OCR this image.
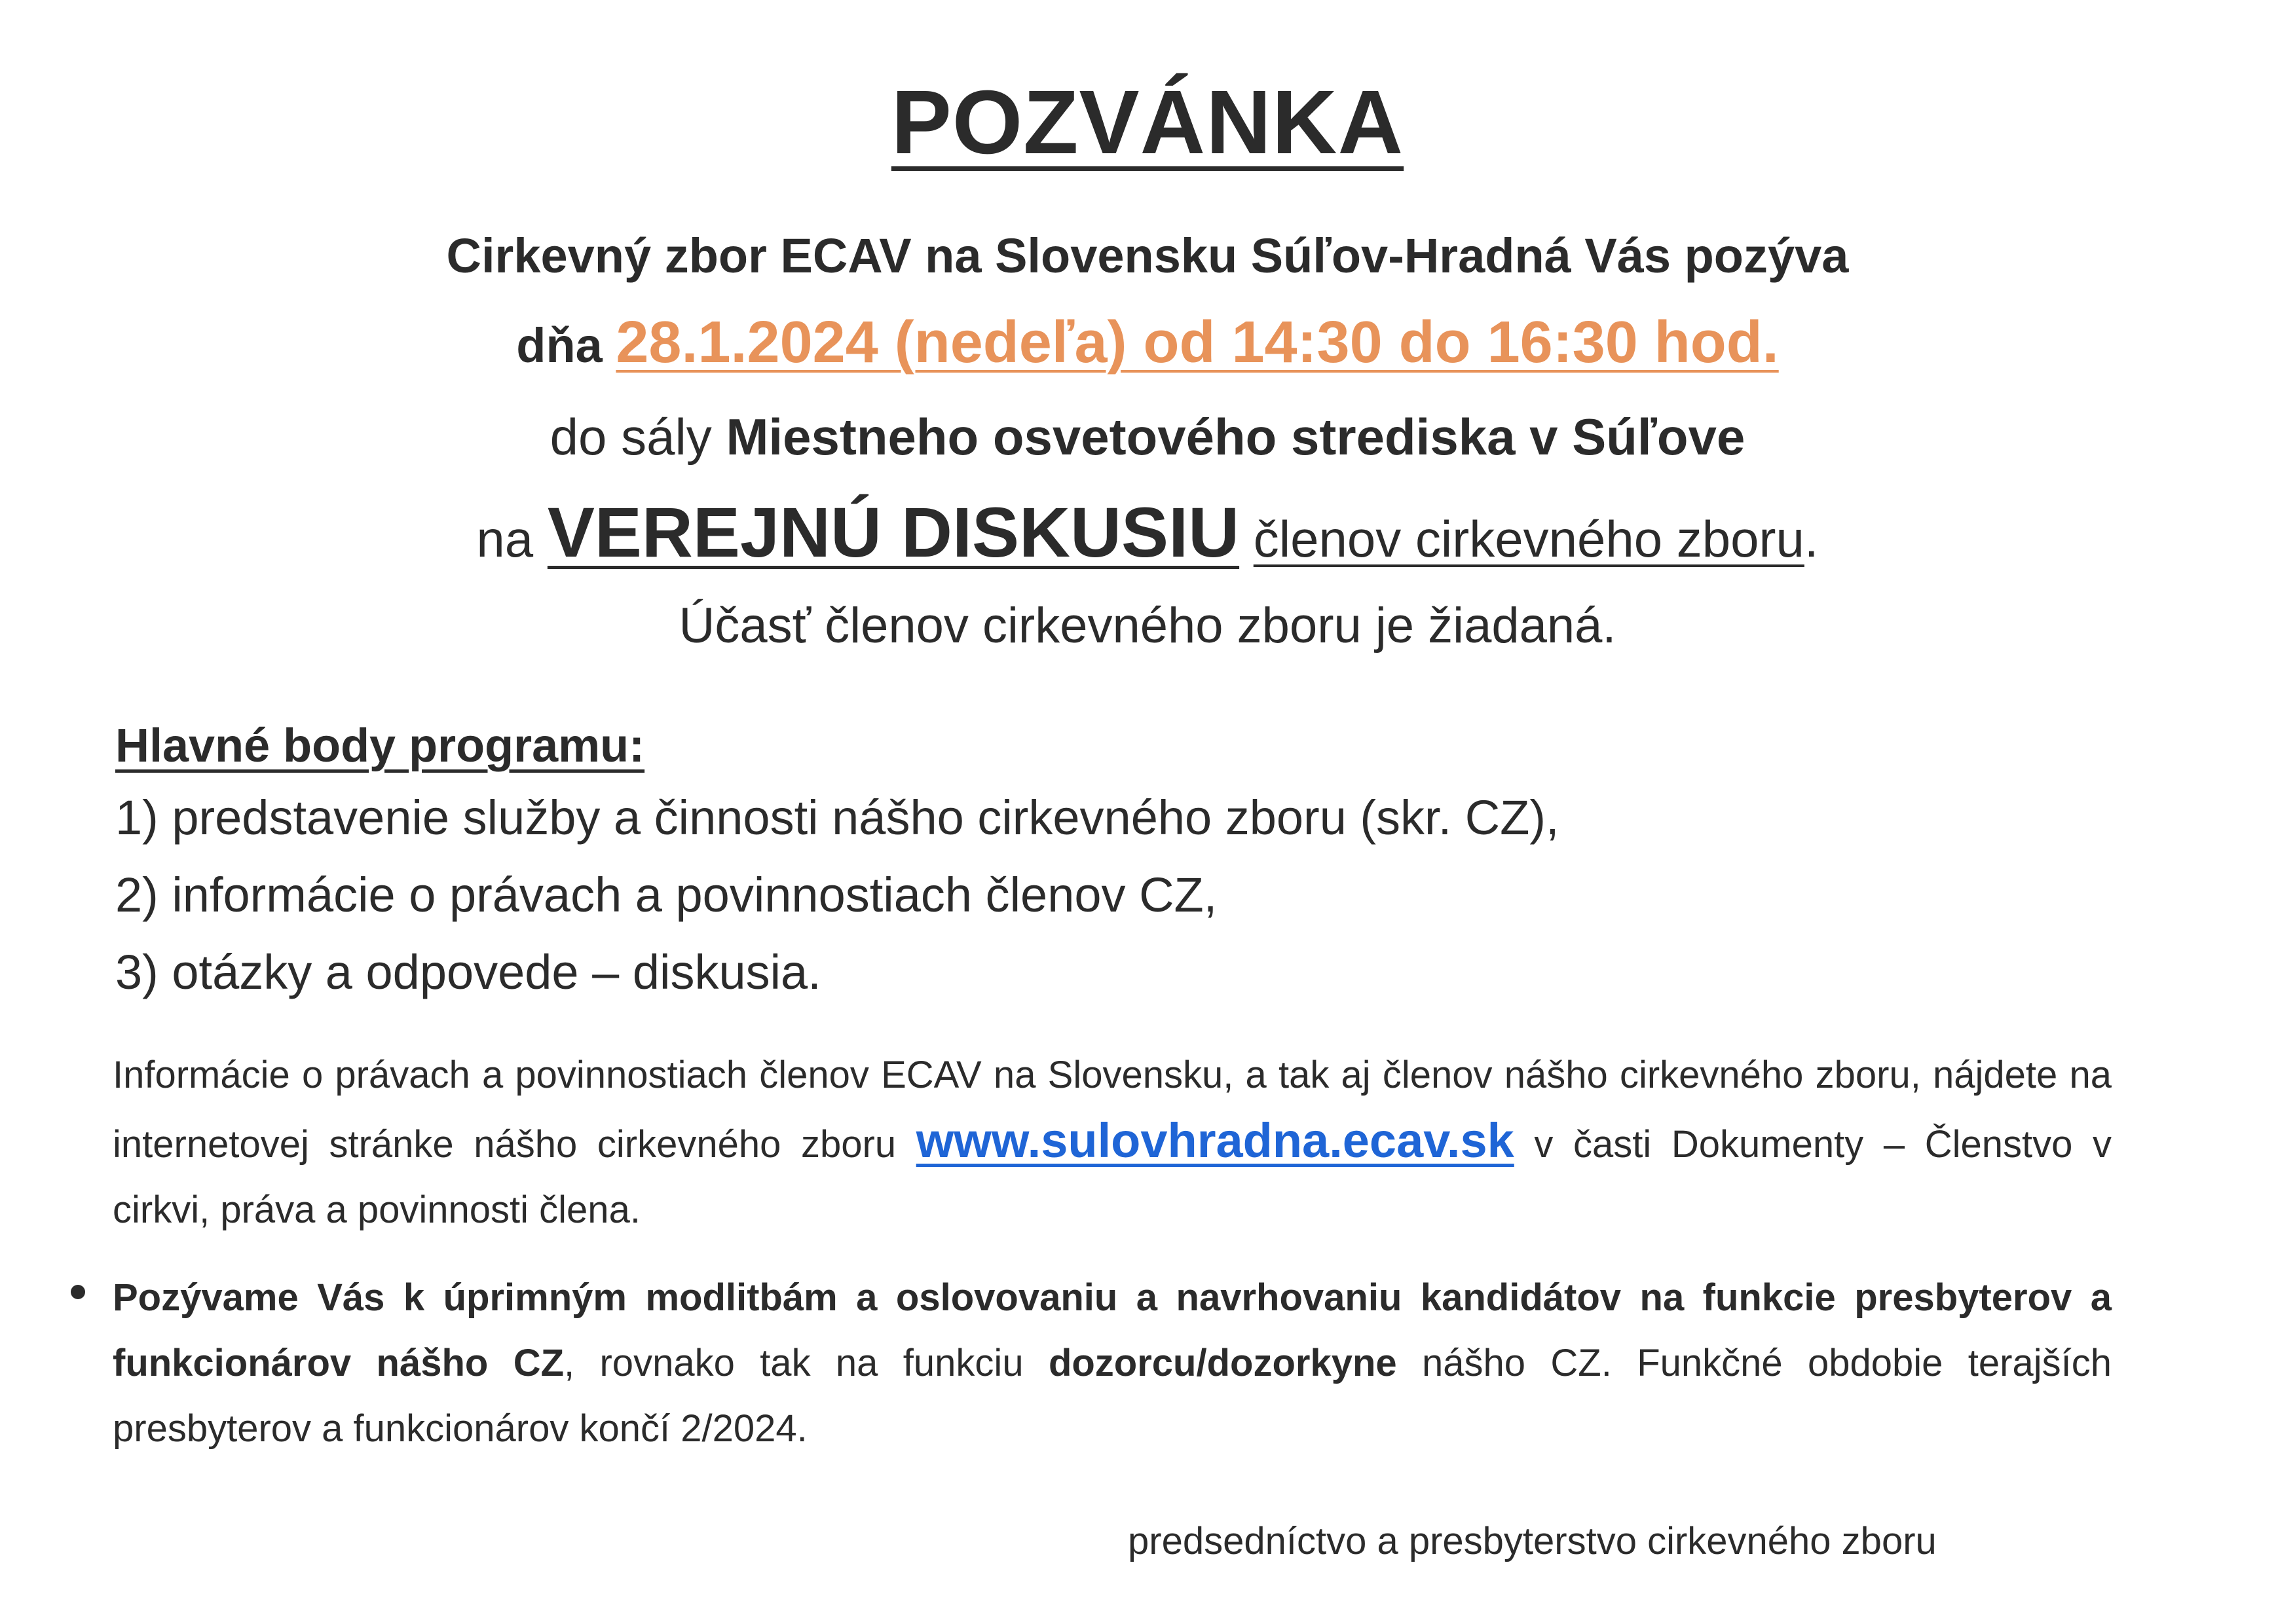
POZVÁNKA
Cirkevný zbor ECAV na Slovensku Súľov-Hradná Vás pozýva
dňa 28.1.2024 (nedeľa) od 14:30 do 16:30 hod.
do sály Miestneho osvetového strediska v Súľove
na VEREJNÚ DISKUSIU členov cirkevného zboru.
Účasť členov cirkevného zboru je žiadaná.
Hlavné body programu:
1) predstavenie služby a činnosti nášho cirkevného zboru (skr. CZ),
2) informácie o právach a povinnostiach členov CZ,
3) otázky a odpovede – diskusia.
Informácie o právach a povinnostiach členov ECAV na Slovensku, a tak aj členov nášho cirkevného zboru, nájdete na internetovej stránke nášho cirkevného zboru www.sulovhradna.ecav.sk v časti Dokumenty – Členstvo v cirkvi, práva a povinnosti člena.
Pozývame Vás k úprimným modlitbám a oslovovaniu a navrhovaniu kandidátov na funkcie presbyterov a funkcionárov nášho CZ, rovnako tak na funkciu dozorcu/dozorkyne nášho CZ. Funkčné obdobie terajších presbyterov a funkcionárov končí 2/2024.
predsedníctvo a presbyterstvo cirkevného zboru
